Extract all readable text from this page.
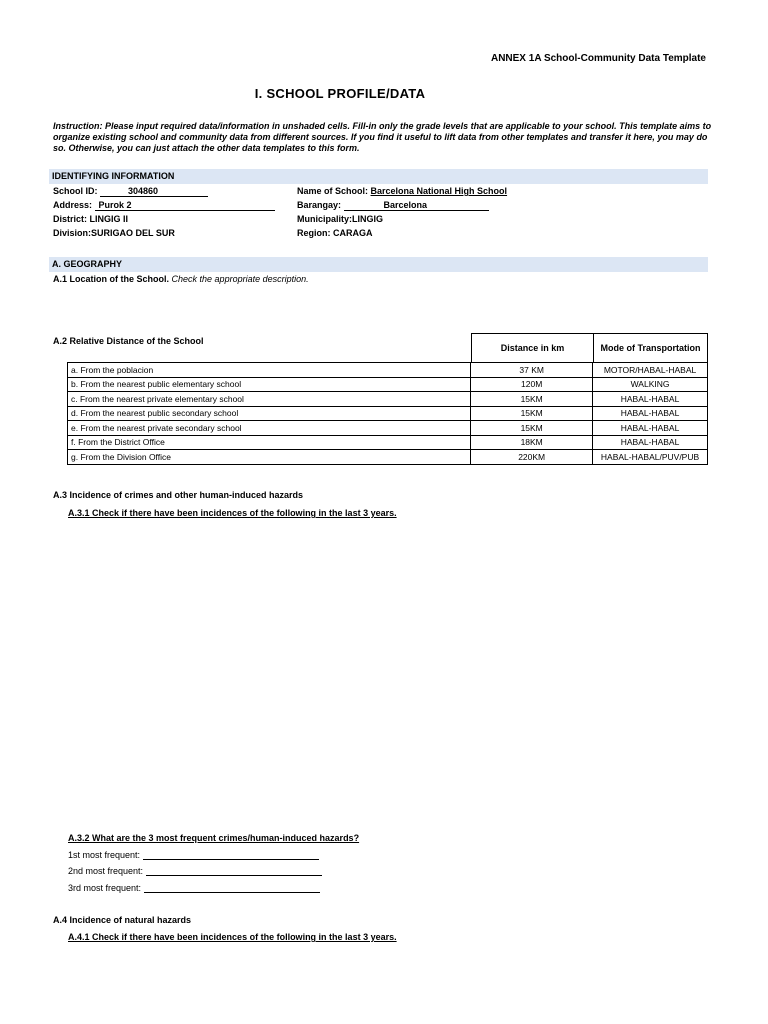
ANNEX 1A School-Community Data Template
I. SCHOOL PROFILE/DATA
Instruction: Please input required data/information in unshaded cells. Fill-in only the grade levels that are applicable to your school. This template aims to organize existing school and community data from different sources. If you find it useful to lift data from other templates and transfer it here, you may do so. Otherwise, you can just attach the other data templates to this form.
IDENTIFYING INFORMATION
School ID:	304860
Address: Purok 2
District: LINGIG II
Division:SURIGAO DEL SUR
Name of School: Barcelona National High School
Barangay:	Barcelona
Municipality:LINGIG
Region: CARAGA
A. GEOGRAPHY
A.1 Location of the School. Check the appropriate description.
A.2 Relative Distance of the School
Distance in km	Mode of Transportation
a. From the poblacion	37 KM	MOTOR/HABAL-HABAL
b. From the nearest public elementary school	120M	WALKING
c. From the nearest private elementary school	15KM	HABAL-HABAL
d. From the nearest public secondary school	15KM	HABAL-HABAL
e. From the nearest private secondary school	15KM	HABAL-HABAL
f. From the District Office	18KM	HABAL-HABAL
g. From the Division Office	220KM	HABAL-HABAL/PUV/PUB
A.3 Incidence of crimes and other human-induced hazards
A.3.1 Check if there have been incidences of the following in the last 3 years.
A.3.2 What are the 3 most frequent crimes/human-induced hazards?
1st most frequent:
2nd most frequent:
3rd most frequent:
A.4 Incidence of natural hazards
A.4.1 Check if there have been incidences of the following in the last 3 years.
